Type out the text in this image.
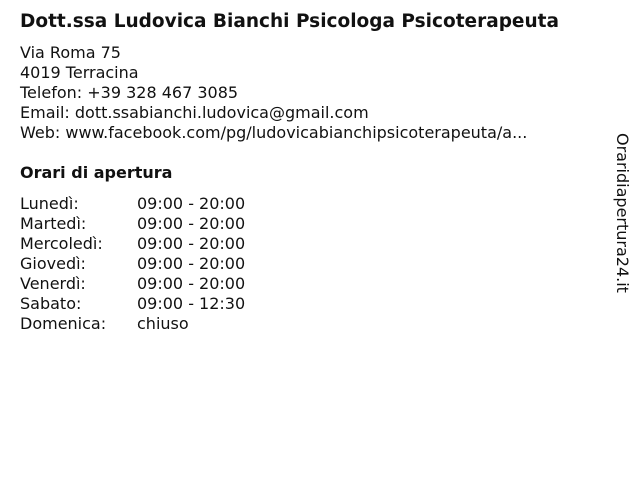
Dott.ssa Ludovica Bianchi Psicologa Psicoterapeuta
Via Roma 75
4019 Terracina
Telefon: +39 328 467 3085
Email: dott.ssabianchi.ludovica@gmail.com
Web: www.facebook.com/pg/ludovicabianchipsicoterapeuta/a...
Orari di apertura
Lunedì:	09:00 - 20:00
Martedì:	09:00 - 20:00
Mercoledì: 09:00 - 20:00
Giovedì:	09:00 - 20:00
Venerdì:	09:00 - 20:00
Sabato:	09:00 - 12:30
Domenica: chiuso
Oraridiapertura24.it
